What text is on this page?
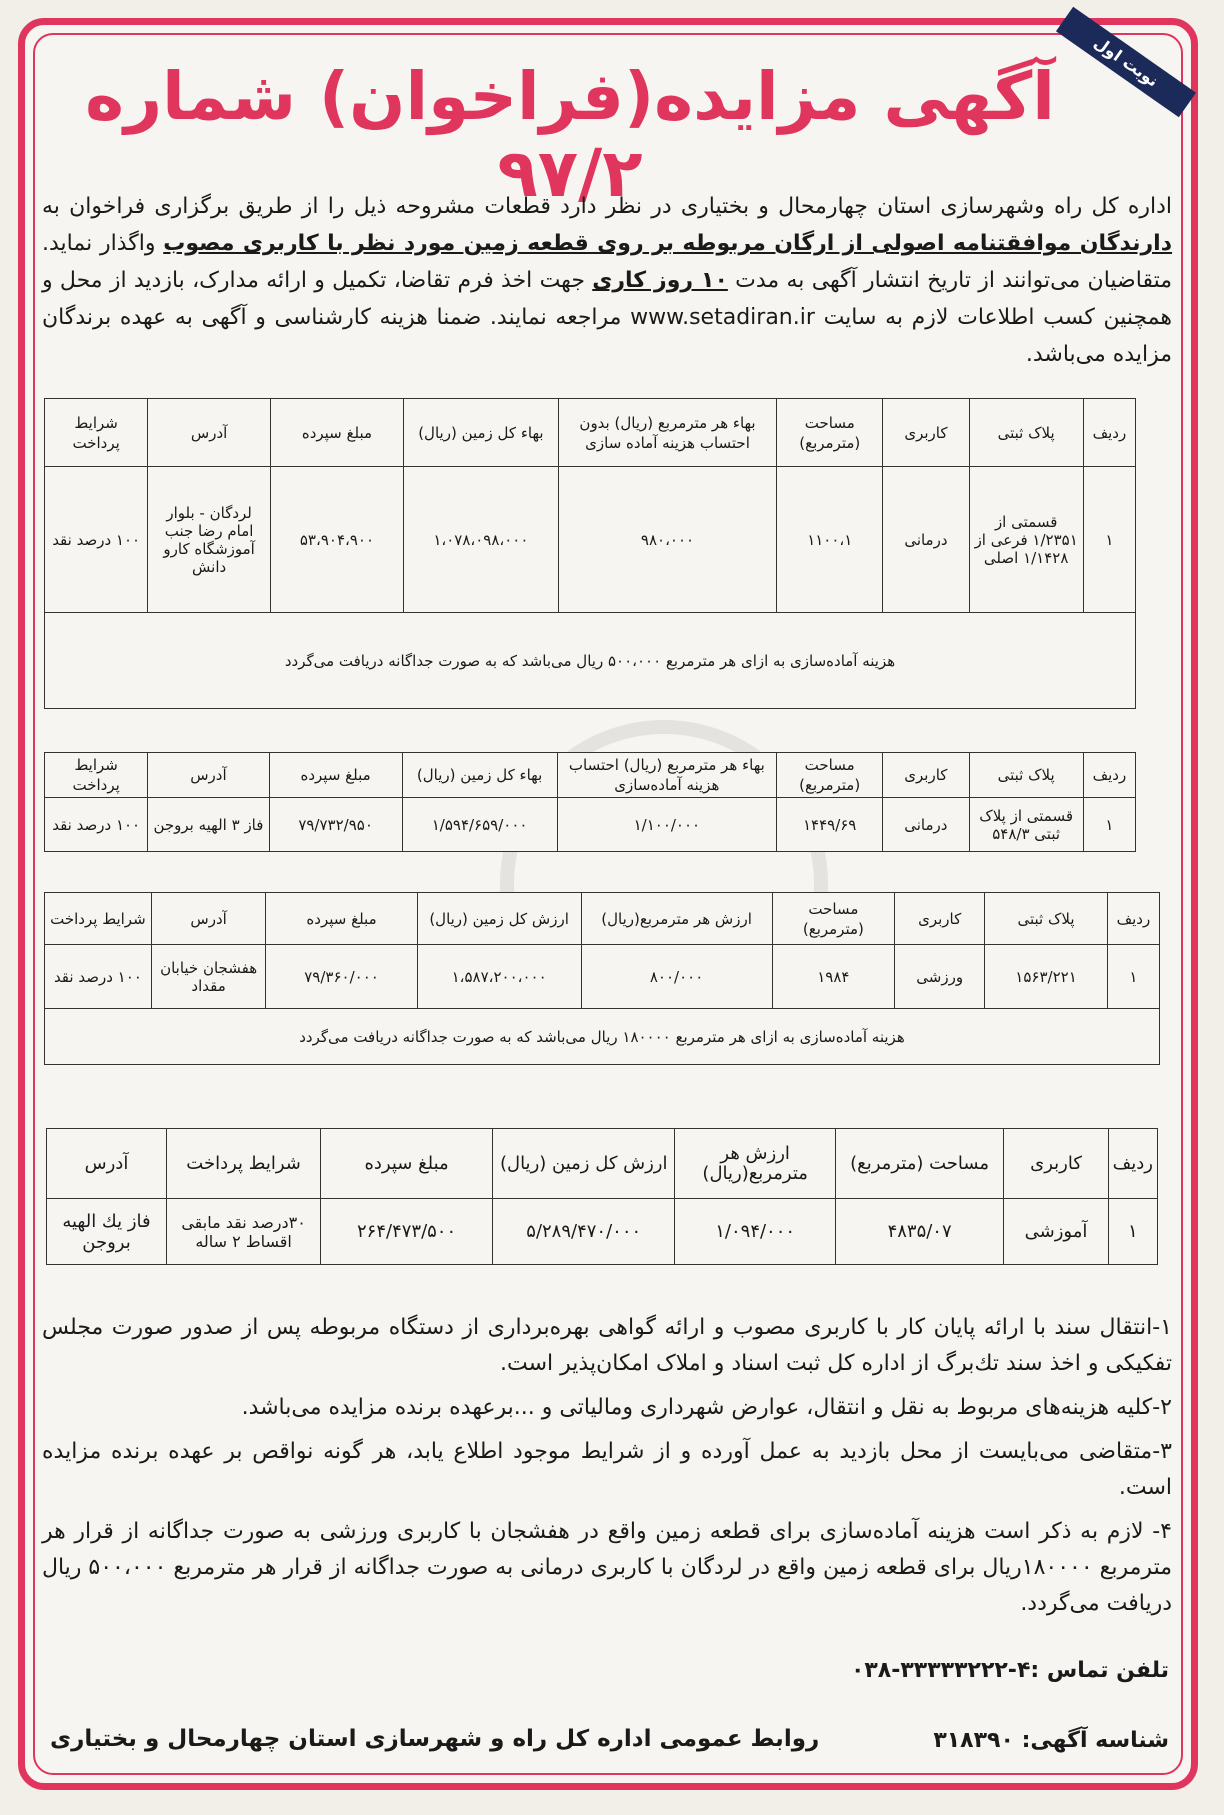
نوبت اول
آگهی مزایده(فراخوان) شماره ۹۷/۲
اداره کل راه وشهرسازی استان چهارمحال و بختیاری در نظر دارد قطعات مشروحه ذیل را از طریق برگزاری فراخوان به دارندگان موافقتنامه اصولی از ارگان مربوطه بر روی قطعه زمین مورد نظر با کاربری مصوب واگذار نماید. متقاضیان می‌توانند از تاریخ انتشار آگهی به مدت ۱۰ روز کاری جهت اخذ فرم تقاضا، تکمیل و ارائه مدارک، بازدید از محل و همچنین کسب اطلاعات لازم به سایت www.setadiran.ir مراجعه نمایند. ضمنا هزینه کارشناسی و آگهی به عهده برندگان مزایده می‌باشد.
ردیف	پلاک ثبتی	کاربری	مساحت (مترمربع)	بهاء هر مترمربع (ریال) بدون احتساب هزینه آماده سازی	بهاء کل زمین (ریال)	مبلغ سپرده	آدرس	شرایط پرداخت
۱	قسمتی از ۱/۲۳۵۱ فرعی از ۱/۱۴۲۸ اصلی	درمانی	۱۱۰۰،۱	۹۸۰،۰۰۰	۱،۰۷۸،۰۹۸،۰۰۰	۵۳،۹۰۴،۹۰۰	لردگان - بلوار امام رضا جنب آموزشگاه کارو دانش	۱۰۰ درصد نقد
هزینه آماده‌سازی به ازای هر مترمربع ۵۰۰،۰۰۰ ریال می‌باشد که به صورت جداگانه دریافت می‌گردد								
ردیف	پلاک ثبتی	کاربری	مساحت (مترمربع)	بهاء هر مترمربع (ریال) احتساب هزینه آماده‌سازی	بهاء کل زمین (ریال)	مبلغ سپرده	آدرس	شرایط پرداخت
۱	قسمتی از پلاک ثبتی ۵۴۸/۳	درمانی	۱۴۴۹/۶۹	۱/۱۰۰/۰۰۰	۱/۵۹۴/۶۵۹/۰۰۰	۷۹/۷۳۲/۹۵۰	فاز ۳ الهیه بروجن	۱۰۰ درصد نقد
ردیف	پلاک ثبتی	کاربری	مساحت (مترمربع)	ارزش هر مترمربع(ریال)	ارزش کل زمین (ریال)	مبلغ سپرده	آدرس	شرایط پرداخت
۱	۱۵۶۳/۲۲۱	ورزشی	۱۹۸۴	۸۰۰/۰۰۰	۱،۵۸۷،۲۰۰،۰۰۰	۷۹/۳۶۰/۰۰۰	هفشجان خیابان مقداد	۱۰۰ درصد نقد
هزینه آماده‌سازی به ازای هر مترمربع ۱۸۰۰۰۰ ریال می‌باشد که به صورت جداگانه دریافت می‌گردد								
ردیف	کاربری	مساحت (مترمربع)	ارزش هر مترمربع(ریال)	ارزش کل زمین (ریال)	مبلغ سپرده	شرایط پرداخت	آدرس
۱	آموزشی	۴۸۳۵/۰۷	۱/۰۹۴/۰۰۰	۵/۲۸۹/۴۷۰/۰۰۰	۲۶۴/۴۷۳/۵۰۰	۳۰درصد نقد مابقی اقساط ۲ ساله	فاز یك الهیه بروجن

۱-انتقال سند با ارائه پایان کار با کاربری مصوب و ارائه گواهی بهره‌برداری از دستگاه مربوطه پس از صدور صورت مجلس تفکیکی و اخذ سند تك‌برگ از اداره کل ثبت اسناد و املاک امکان‌پذیر است.

۲-کلیه هزینه‌های مربوط به نقل و انتقال، عوارض شهرداری ومالیاتی و ...برعهده برنده مزایده می‌باشد.

۳-متقاضی می‌بایست از محل بازدید به عمل آورده و از شرایط موجود اطلاع یابد، هر گونه نواقص بر عهده برنده مزایده است.

۴- لازم به ذکر است هزینه آماده‌سازی برای قطعه زمین واقع در هفشجان با کاربری ورزشی به صورت جداگانه از قرار هر مترمربع ۱۸۰۰۰۰ریال برای قطعه زمین واقع در لردگان با کاربری درمانی به صورت جداگانه از قرار هر مترمربع ۵۰۰،۰۰۰ ریال دریافت می‌گردد.

تلفن تماس :۴-۳۳۳۳۳۲۲۲-۰۳۸
شناسه آگهی: ۳۱۸۳۹۰
روابط عمومی اداره کل راه و شهرسازی استان چهارمحال و بختیاری
